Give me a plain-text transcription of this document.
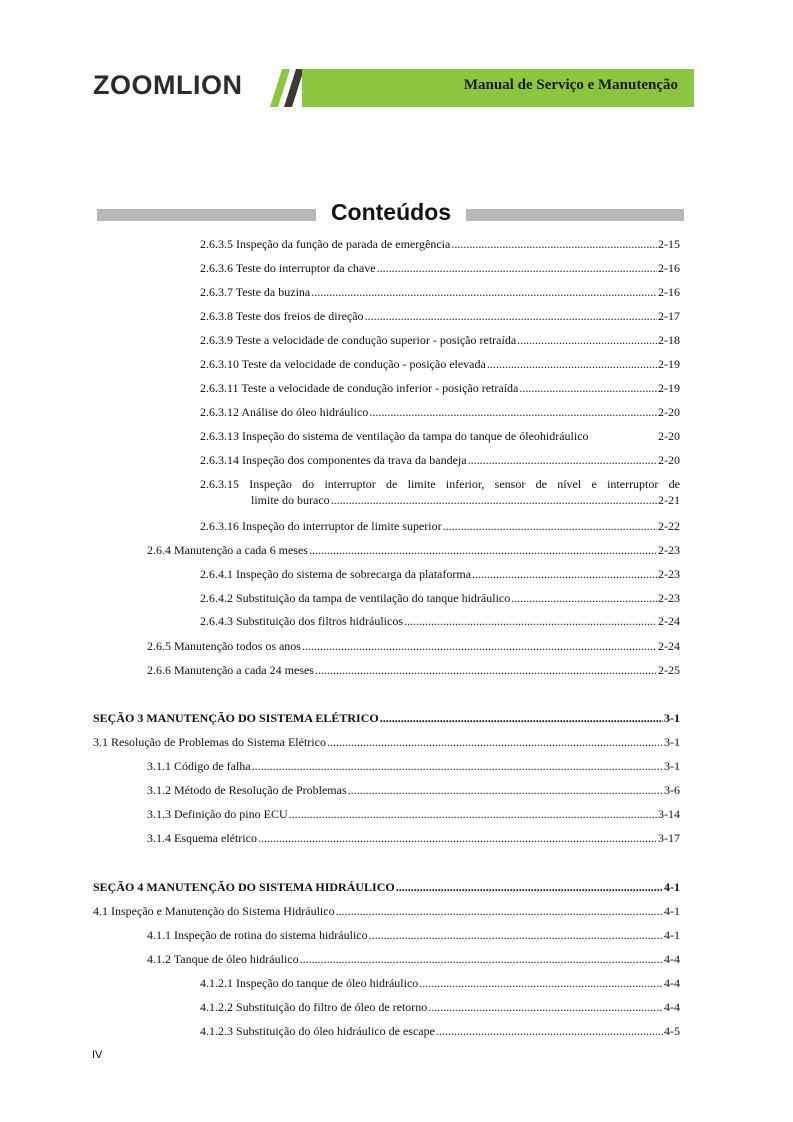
ZOOMLION	Manual de Serviço e Manutenção
Conteúdos
2.6.3.5 Inspeção da função de parada de emergência .....	2-15
2.6.3.6 Teste do interruptor da chave .....	2-16
2.6.3.7 Teste da buzina .....	2-16
2.6.3.8 Teste dos freios de direção .....	2-17
2.6.3.9 Teste a velocidade de condução superior - posição retraída .....	2-18
2.6.3.10 Teste da velocidade de condução - posição elevada .....	2-19
2.6.3.11 Teste a velocidade de condução inferior - posição retraída .....	2-19
2.6.3.12 Análise do óleo hidráulico .....	2-20
2.6.3.13 Inspeção do sistema de ventilação da tampa do tanque de óleohidráulico	2-20
2.6.3.14 Inspeção dos componentes da trava da bandeja .....	2-20
2.6.3.15 Inspeção do interruptor de limite inferior, sensor de nível e interruptor de
limite do buraco .....	2-21
2.6.3.16 Inspeção do interruptor de limite superior .....	2-22
2.6.4 Manutenção a cada 6 meses .....	2-23
2.6.4.1 Inspeção do sistema de sobrecarga da plataforma .....	2-23
2.6.4.2 Substituição da tampa de ventilação do tanque hidráulico .....	2-23
2.6.4.3 Substituição dos filtros hidráulicos .....	2-24
2.6.5 Manutenção todos os anos .....	2-24
2.6.6 Manutenção a cada 24 meses .....	2-25
SEÇÃO 3 MANUTENÇÃO DO SISTEMA ELÉTRICO .....	3-1
3.1 Resolução de Problemas do Sistema Elétrico .....	3-1
3.1.1 Código de falha .....	3-1
3.1.2 Método de Resolução de Problemas .....	3-6
3.1.3 Definição do pino ECU .....	3-14
3.1.4 Esquema elétrico .....	3-17
SEÇÃO 4 MANUTENÇÃO DO SISTEMA HIDRÁULICO .....	4-1
4.1 Inspeção e Manutenção do Sistema Hidráulico .....	4-1
4.1.1 Inspeção de rotina do sistema hidráulico .....	4-1
4.1.2 Tanque de óleo hidráulico .....	4-4
4.1.2.1 Inspeção do tanque de óleo hidráulico .....	4-4
4.1.2.2 Substituição do filtro de óleo de retorno .....	4-4
4.1.2.3 Substituição do óleo hidráulico de escape .....	4-5
IV
